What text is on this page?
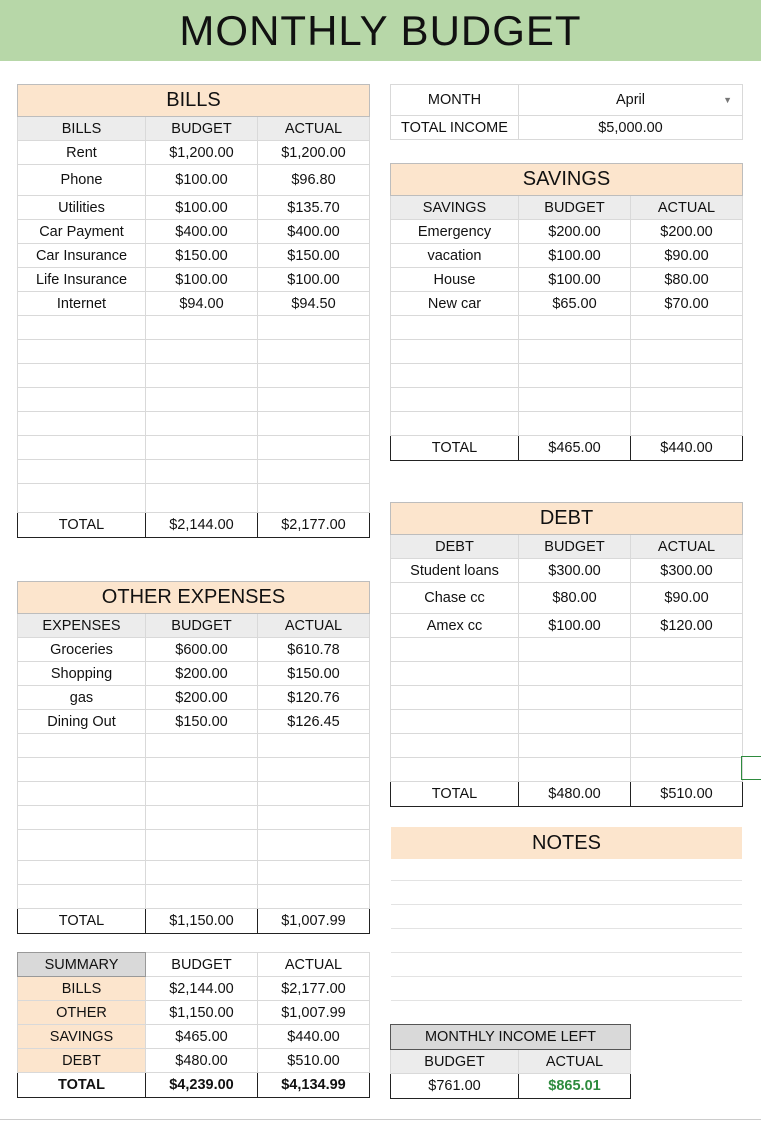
MONTHLY BUDGET
BILLS		
BILLS	BUDGET	ACTUAL
Rent	$1,200.00	$1,200.00
Phone	$100.00	$96.80
Utilities	$100.00	$135.70
Car Payment	$400.00	$400.00
Car Insurance	$150.00	$150.00
Life Insurance	$100.00	$100.00
Internet	$94.00	$94.50

TOTAL	$2,144.00	$2,177.00
MONTH	April ▼

TOTAL INCOME	$5,000.00
SAVINGS		
SAVINGS	BUDGET	ACTUAL
Emergency	$200.00	$200.00
vacation	$100.00	$90.00
House	$100.00	$80.00
New car	$65.00	$70.00

TOTAL	$465.00	$440.00
DEBT		
DEBT	BUDGET	ACTUAL
Student loans	$300.00	$300.00
Chase cc	$80.00	$90.00
Amex cc	$100.00	$120.00

TOTAL	$480.00	$510.00
OTHER EXPENSES		
EXPENSES	BUDGET	ACTUAL
Groceries	$600.00	$610.78
Shopping	$200.00	$150.00
gas	$200.00	$120.76
Dining Out	$150.00	$126.45

TOTAL	$1,150.00	$1,007.99
NOTES
SUMMARY	BUDGET	ACTUAL
BILLS	$2,144.00	$2,177.00
OTHER	$1,150.00	$1,007.99
SAVINGS	$465.00	$440.00
DEBT	$480.00	$510.00
TOTAL	$4,239.00	$4,134.99
MONTHLY INCOME LEFT	
BUDGET	ACTUAL
$761.00	$865.01
